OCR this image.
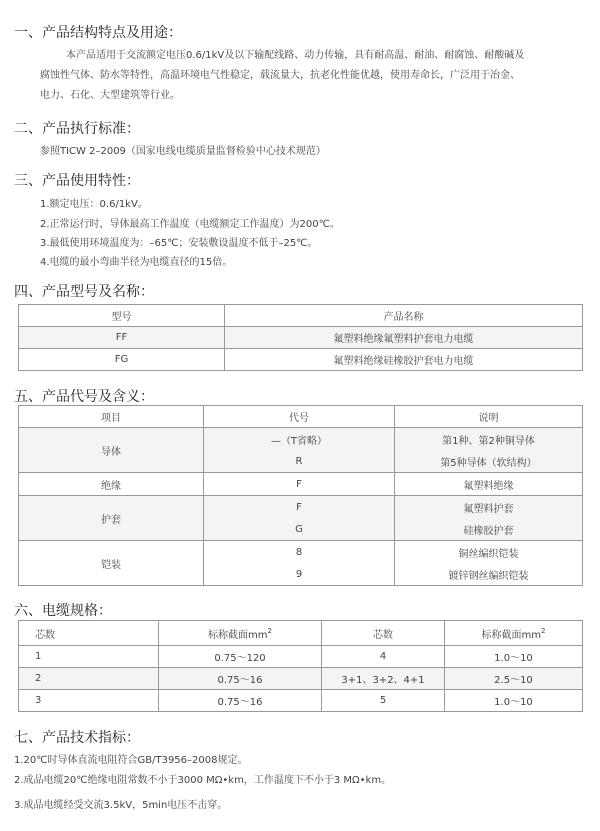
一、产品结构特点及用途：
本产品适用于交流额定电压0.6/1kV及以下输配线路、动力传输，具有耐高温、耐油、耐腐蚀、耐酸碱及
腐蚀性气体、防水等特性，高温环境电气性稳定，载流量大，抗老化性能优越，使用寿命长，广泛用于冶金、
电力、石化、大型建筑等行业。
二、产品执行标准：

参照TICW 2–2009（国家电线电缆质量监督检验中心技术规范）

三、产品使用特性：

1.额定电压：0.6/1kV。

2.正常运行时，导体最高工作温度（电缆额定工作温度）为200℃。

3.最低使用环境温度为：–65℃；安装敷设温度不低于–25℃。

4.电缆的最小弯曲半径为电缆直径的15倍。

四、产品型号及名称：
型号	产品名称
FF	氟塑料绝缘氟塑料护套电力电缆
FG	氟塑料绝缘硅橡胶护套电力电缆
五、产品代号及含义：
项目	代号	说明
导体	—（T省略）	第1种、第2种铜导体
	R	第5种导体（软结构）
绝缘	F	氟塑料绝缘
护套	F	氟塑料护套
	G	硅橡胶护套
铠装	8	铜丝编织铠装
	9	镀锌钢丝编织铠装
六、电缆规格：
芯数	标称截面$mm^2$	芯数	标称截面$mm^2$
1	0.75～120	4	1.0～10
2	0.75～16	3+1、3+2、4+1	2.5～10
3	0.75～16	5	1.0～10
七、产品技术指标：

1.20℃时导体直流电阻符合GB/T3956–2008规定。

2.成品电缆20℃绝缘电阻常数不小于3000 MΩ•km，工作温度下不小于3 MΩ•km。

3.成品电缆经受交流3.5kV，5min电压不击穿。
